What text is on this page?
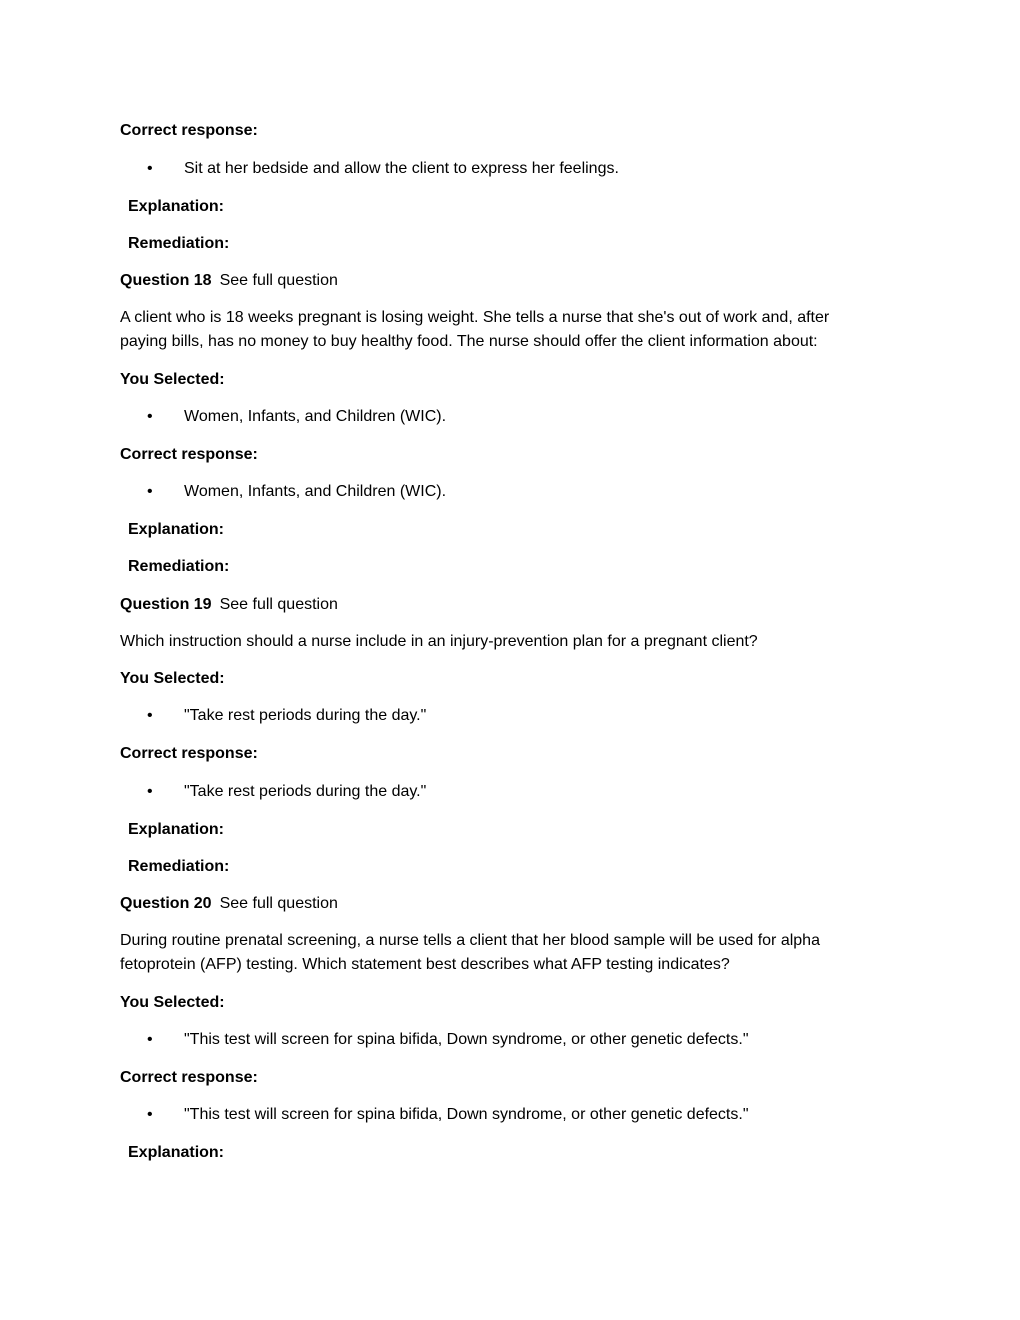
Correct response:
• Sit at her bedside and allow the client to express her feelings.
Explanation:
Remediation:
Question 18 See full question
A client who is 18 weeks pregnant is losing weight. She tells a nurse that she's out of work and, after paying bills, has no money to buy healthy food. The nurse should offer the client information about:
You Selected:
• Women, Infants, and Children (WIC).
Correct response:
• Women, Infants, and Children (WIC).
Explanation:
Remediation:
Question 19 See full question
Which instruction should a nurse include in an injury-prevention plan for a pregnant client?
You Selected:
• "Take rest periods during the day."
Correct response:
• "Take rest periods during the day."
Explanation:
Remediation:
Question 20 See full question
During routine prenatal screening, a nurse tells a client that her blood sample will be used for alpha fetoprotein (AFP) testing. Which statement best describes what AFP testing indicates?
You Selected:
• "This test will screen for spina bifida, Down syndrome, or other genetic defects."
Correct response:
• "This test will screen for spina bifida, Down syndrome, or other genetic defects."
Explanation:
